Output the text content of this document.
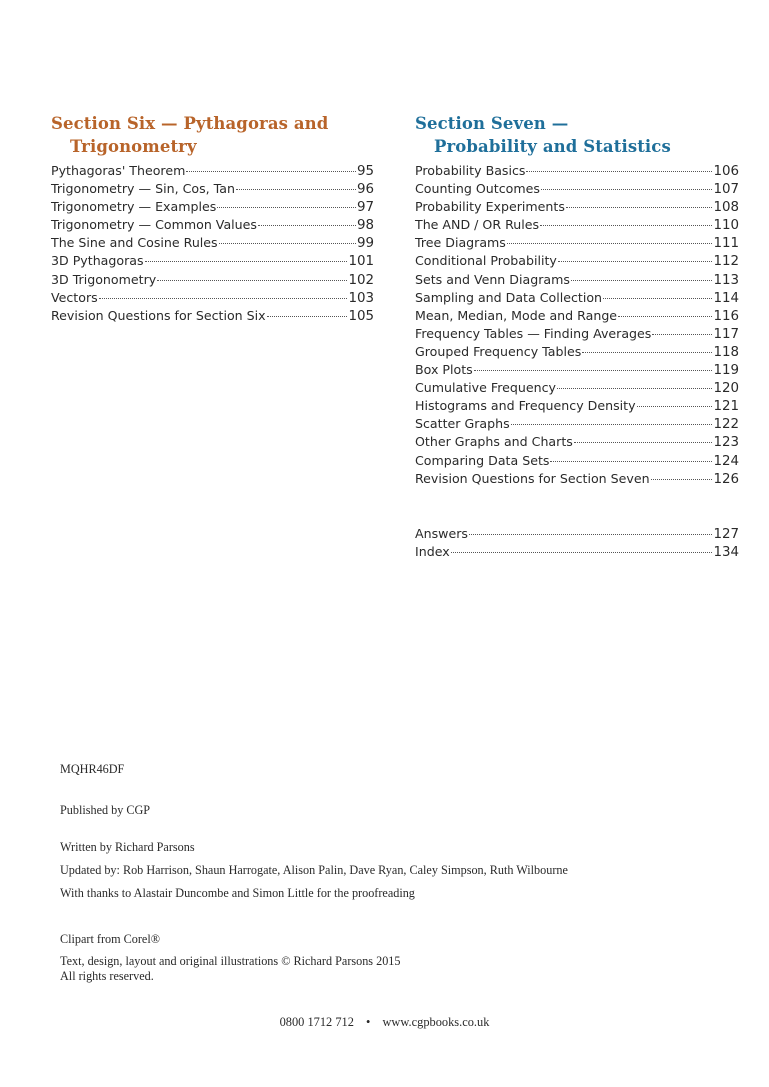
Section Six — Pythagoras and
Trigonometry
Pythagoras' Theorem	95
Trigonometry — Sin, Cos, Tan	96
Trigonometry — Examples	97
Trigonometry — Common Values	98
The Sine and Cosine Rules	99
3D Pythagoras	101
3D Trigonometry	102
Vectors	103
Revision Questions for Section Six	105
Section Seven —
Probability and Statistics
Probability Basics	106
Counting Outcomes	107
Probability Experiments	108
The AND / OR Rules	110
Tree Diagrams	111
Conditional Probability	112
Sets and Venn Diagrams	113
Sampling and Data Collection	114
Mean, Median, Mode and Range	116
Frequency Tables — Finding Averages	117
Grouped Frequency Tables	118
Box Plots	119
Cumulative Frequency	120
Histograms and Frequency Density	121
Scatter Graphs	122
Other Graphs and Charts	123
Comparing Data Sets	124
Revision Questions for Section Seven	126
Answers	127
Index	134
MQHR46DF
Published by CGP
Written by Richard Parsons
Updated by: Rob Harrison, Shaun Harrogate, Alison Palin, Dave Ryan, Caley Simpson, Ruth Wilbourne
With thanks to Alastair Duncombe and Simon Little for the proofreading
Clipart from Corel®
Text, design, layout and original illustrations © Richard Parsons 2015
All rights reserved.
0800 1712 712 • www.cgpbooks.co.uk
